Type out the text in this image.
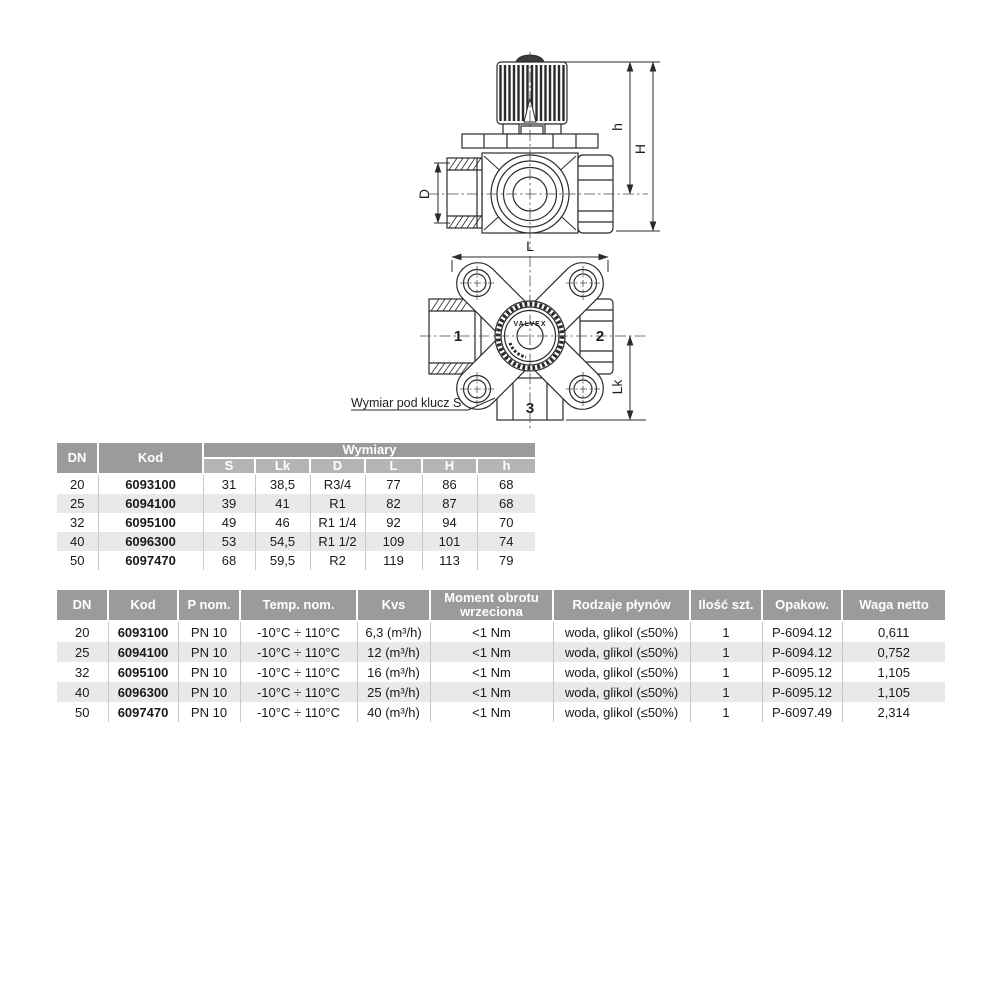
D
h
H
L
Lk
1	2
3
VALVEX
Wymiar pod klucz S
DN	Kod	Wymiary					
		S	Lk	D	L	H	h
20	6093100	31	38,5	R3/4	77	86	68
25	6094100	39	41	R1	82	87	68
32	6095100	49	46	R1 1/4	92	94	70
40	6096300	53	54,5	R1 1/2	109	101	74
50	6097470	68	59,5	R2	119	113	79
DN	Kod	P nom.	Temp. nom.	Kvs	Moment obrotu wrzeciona	Rodzaje płynów	Ilość szt.	Opakow.	Waga netto
20	6093100	PN 10	-10°C ÷ 110°C	6,3 (m³/h)	<1 Nm	woda, glikol (≤50%)	1	P-6094.12	0,611
25	6094100	PN 10	-10°C ÷ 110°C	12 (m³/h)	<1 Nm	woda, glikol (≤50%)	1	P-6094.12	0,752
32	6095100	PN 10	-10°C ÷ 110°C	16 (m³/h)	<1 Nm	woda, glikol (≤50%)	1	P-6095.12	1,105
40	6096300	PN 10	-10°C ÷ 110°C	25 (m³/h)	<1 Nm	woda, glikol (≤50%)	1	P-6095.12	1,105
50	6097470	PN 10	-10°C ÷ 110°C	40 (m³/h)	<1 Nm	woda, glikol (≤50%)	1	P-6097.49	2,314
